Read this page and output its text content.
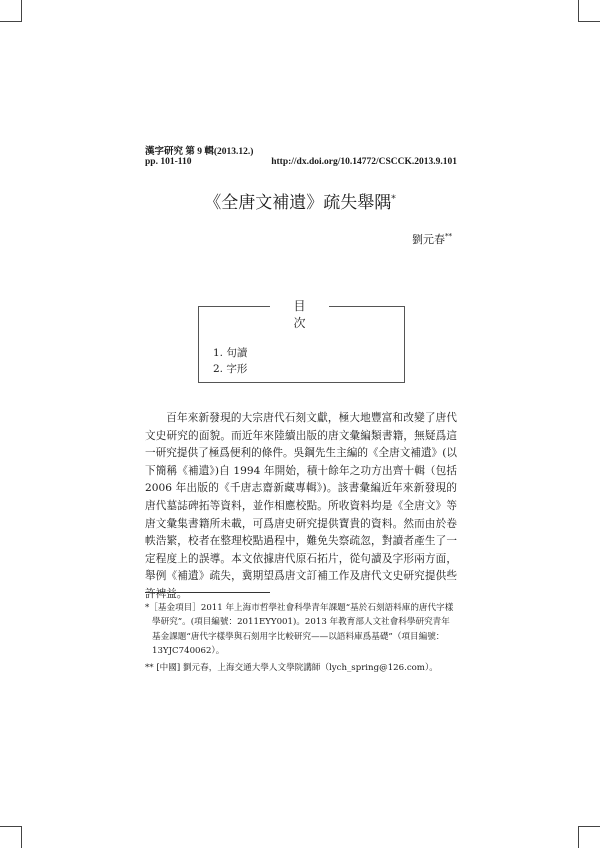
漢字研究 第 9 輯(2013.12.)
pp. 101-110	http://dx.doi.org/10.14772/CSCCK.2013.9.101
《全唐文補遺》疏失舉隅*
劉元春**
目次
1. 句讀
2. 字形

百年來新發現的大宗唐代石刻文獻，極大地豐富和改變了唐代文史研究的面貌。而近年來陸續出版的唐文彙編類書籍，無疑爲這一研究提供了極爲便利的條件。吳鋼先生主編的《全唐文補遺》(以下簡稱《補遺》)自 1994 年開始，積十餘年之功方出齊十輯（包括 2006 年出版的《千唐志齋新藏專輯》)。該書彙編近年來新發現的唐代墓誌碑拓等資料，並作相應校點。所收資料均是《全唐文》等唐文彙集書籍所未載，可爲唐史研究提供寶貴的資料。然而由於卷帙浩繁，校者在整理校點過程中，難免失察疏忽，對讀者產生了一定程度上的誤導。本文依據唐代原石拓片，從句讀及字形兩方面，舉例《補遺》疏失，冀期望爲唐文訂補工作及唐代文史研究提供些許裨益。

*［基金項目］2011 年上海市哲學社會科學青年課題“基於石刻語料庫的唐代字樣學研究”。(項目編號：2011EYY001)。2013 年教育部人文社會科學研究青年基金課題“唐代字樣學與石刻用字比較研究——以語料庫爲基礎”（項目編號：13YJC740062）。

** [中國] 劉元春，上海交通大學人文學院講師（lych_spring@126.com）。
